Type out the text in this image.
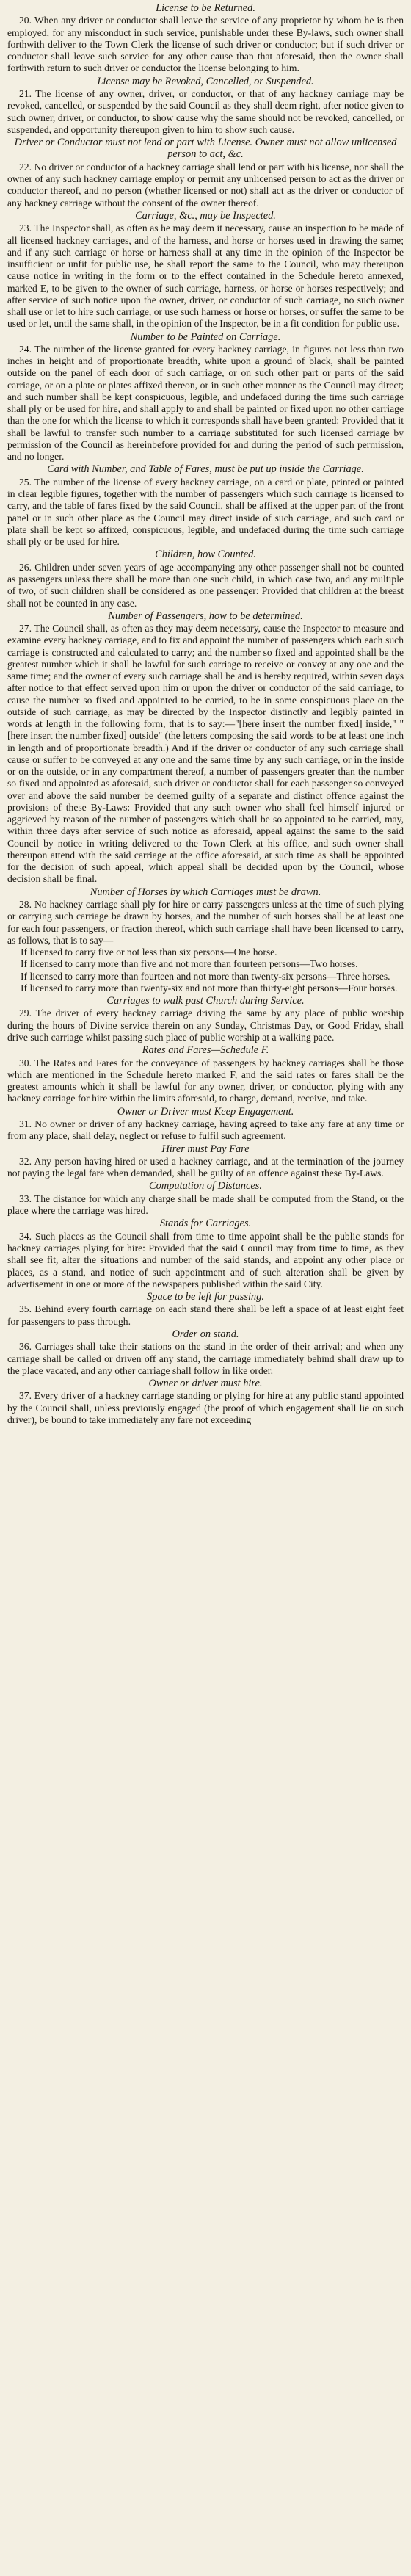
License to be Returned.

20. When any driver or conductor shall leave the service of any proprietor by whom he is then employed, for any misconduct in such service, punishable under these By-laws, such owner shall forthwith deliver to the Town Clerk the license of such driver or conductor; but if such driver or conductor shall leave such service for any other cause than that aforesaid, then the owner shall forthwith return to such driver or conductor the license belonging to him.

License may be Revoked, Cancelled, or Suspended.

21. The license of any owner, driver, or conductor, or that of any hackney carriage may be revoked, cancelled, or suspended by the said Council as they shall deem right, after notice given to such owner, driver, or conductor, to show cause why the same should not be revoked, cancelled, or suspended, and opportunity thereupon given to him to show such cause.

Driver or Conductor must not lend or part with License. Owner must not allow unlicensed person to act, &c.

22. No driver or conductor of a hackney carriage shall lend or part with his license, nor shall the owner of any such hackney carriage employ or permit any unlicensed person to act as the driver or conductor thereof, and no person (whether licensed or not) shall act as the driver or conductor of any hackney carriage without the consent of the owner thereof.

Carriage, &c., may be Inspected.

23. The Inspector shall, as often as he may deem it necessary, cause an inspection to be made of all licensed hackney carriages, and of the harness, and horse or horses used in drawing the same; and if any such carriage or horse or harness shall at any time in the opinion of the Inspector be insufficient or unfit for public use, he shall report the same to the Council, who may thereupon cause notice in writing in the form or to the effect contained in the Schedule hereto annexed, marked E, to be given to the owner of such carriage, harness, or horse or horses respectively; and after service of such notice upon the owner, driver, or conductor of such carriage, no such owner shall use or let to hire such carriage, or use such harness or horse or horses, or suffer the same to be used or let, until the same shall, in the opinion of the Inspector, be in a fit condition for public use.

Number to be Painted on Carriage.

24. The number of the license granted for every hackney carriage, in figures not less than two inches in height and of proportionate breadth, white upon a ground of black, shall be painted outside on the panel of each door of such carriage, or on such other part or parts of the said carriage, or on a plate or plates affixed thereon, or in such other manner as the Council may direct; and such number shall be kept conspicuous, legible, and undefaced during the time such carriage shall ply or be used for hire, and shall apply to and shall be painted or fixed upon no other carriage than the one for which the license to which it corresponds shall have been granted: Provided that it shall be lawful to transfer such number to a carriage substituted for such licensed carriage by permission of the Council as hereinbefore provided for and during the period of such permission, and no longer.

Card with Number, and Table of Fares, must be put up inside the Carriage.

25. The number of the license of every hackney carriage, on a card or plate, printed or painted in clear legible figures, together with the number of passengers which such carriage is licensed to carry, and the table of fares fixed by the said Council, shall be affixed at the upper part of the front panel or in such other place as the Council may direct inside of such carriage, and such card or plate shall be kept so affixed, conspicuous, legible, and undefaced during the time such carriage shall ply or be used for hire.

Children, how Counted.

26. Children under seven years of age accompanying any other passenger shall not be counted as passengers unless there shall be more than one such child, in which case two, and any multiple of two, of such children shall be considered as one passenger: Provided that children at the breast shall not be counted in any case.

Number of Passengers, how to be determined.

27. The Council shall, as often as they may deem necessary, cause the Inspector to measure and examine every hackney carriage, and to fix and appoint the number of passengers which each such carriage is constructed and calculated to carry; and the number so fixed and appointed shall be the greatest number which it shall be lawful for such carriage to receive or convey at any one and the same time; and the owner of every such carriage shall be and is hereby required, within seven days after notice to that effect served upon him or upon the driver or conductor of the said carriage, to cause the number so fixed and appointed to be carried, to be in some conspicuous place on the outside of such carriage, as may be directed by the Inspector distinctly and legibly painted in words at length in the following form, that is to say:—"[here insert the number fixed] inside," "[here insert the number fixed] outside" (the letters composing the said words to be at least one inch in length and of proportionate breadth.) And if the driver or conductor of any such carriage shall cause or suffer to be conveyed at any one and the same time by any such carriage, or in the inside or on the outside, or in any compartment thereof, a number of passengers greater than the number so fixed and appointed as aforesaid, such driver or conductor shall for each passenger so conveyed over and above the said number be deemed guilty of a separate and distinct offence against the provisions of these By-Laws: Provided that any such owner who shall feel himself injured or aggrieved by reason of the number of passengers which shall be so appointed to be carried, may, within three days after service of such notice as aforesaid, appeal against the same to the said Council by notice in writing delivered to the Town Clerk at his office, and such owner shall thereupon attend with the said carriage at the office aforesaid, at such time as shall be appointed for the decision of such appeal, which appeal shall be decided upon by the Council, whose decision shall be final.

Number of Horses by which Carriages must be drawn.

28. No hackney carriage shall ply for hire or carry passengers unless at the time of such plying or carrying such carriage be drawn by horses, and the number of such horses shall be at least one for each four passengers, or fraction thereof, which such carriage shall have been licensed to carry, as follows, that is to say—

If licensed to carry five or not less than six persons—One horse.

If licensed to carry more than five and not more than fourteen persons—Two horses.

If licensed to carry more than fourteen and not more than twenty-six persons—Three horses.

If licensed to carry more than twenty-six and not more than thirty-eight persons—Four horses.

Carriages to walk past Church during Service.

29. The driver of every hackney carriage driving the same by any place of public worship during the hours of Divine service therein on any Sunday, Christmas Day, or Good Friday, shall drive such carriage whilst passing such place of public worship at a walking pace.

Rates and Fares—Schedule F.

30. The Rates and Fares for the conveyance of passengers by hackney carriages shall be those which are mentioned in the Schedule hereto marked F, and the said rates or fares shall be the greatest amounts which it shall be lawful for any owner, driver, or conductor, plying with any hackney carriage for hire within the limits aforesaid, to charge, demand, receive, and take.

Owner or Driver must Keep Engagement.

31. No owner or driver of any hackney carriage, having agreed to take any fare at any time or from any place, shall delay, neglect or refuse to fulfil such agreement.

Hirer must Pay Fare

32. Any person having hired or used a hackney carriage, and at the termination of the journey not paying the legal fare when demanded, shall be guilty of an offence against these By-Laws.

Computation of Distances.

33. The distance for which any charge shall be made shall be computed from the Stand, or the place where the carriage was hired.

Stands for Carriages.

34. Such places as the Council shall from time to time appoint shall be the public stands for hackney carriages plying for hire: Provided that the said Council may from time to time, as they shall see fit, alter the situations and number of the said stands, and appoint any other place or places, as a stand, and notice of such appointment and of such alteration shall be given by advertisement in one or more of the newspapers published within the said City.

Space to be left for passing.

35. Behind every fourth carriage on each stand there shall be left a space of at least eight feet for passengers to pass through.

Order on stand.

36. Carriages shall take their stations on the stand in the order of their arrival; and when any carriage shall be called or driven off any stand, the carriage immediately behind shall draw up to the place vacated, and any other carriage shall follow in like order.

Owner or driver must hire.

37. Every driver of a hackney carriage standing or plying for hire at any public stand appointed by the Council shall, unless previously engaged (the proof of which engagement shall lie on such driver), be bound to take immediately any fare not exceeding
